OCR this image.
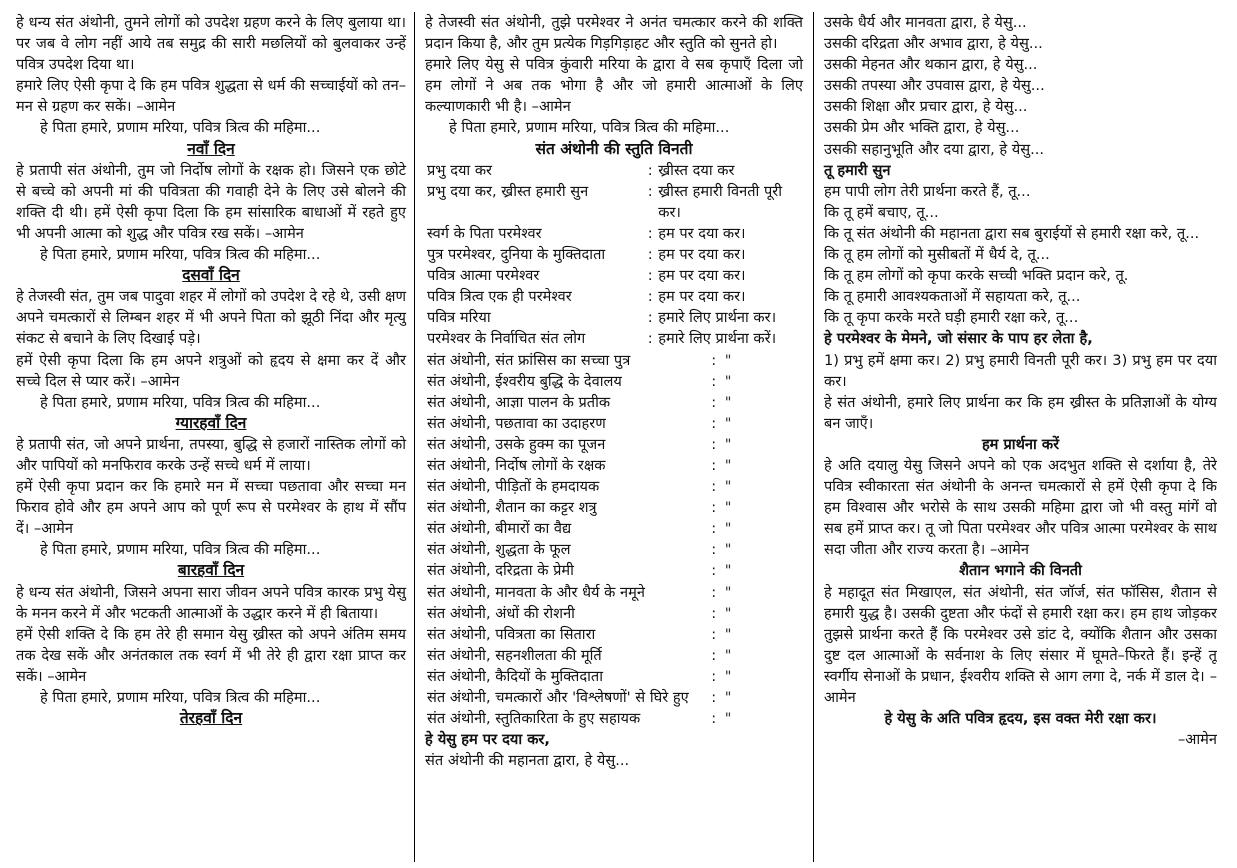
हे धन्य संत अंथोनी, तुमने लोगों को उपदेश ग्रहण करने के लिए बुलाया था। पर जब वे लोग नहीं आये तब समुद्र की सारी मछलियों को बुलवाकर उन्हें पवित्र उपदेश दिया था।

हमारे लिए ऐसी कृपा दे कि हम पवित्र शुद्धता से धर्म की सच्चाईयों को तन–मन से ग्रहण कर सकें। –आमेन

हे पिता हमारे, प्रणाम मरिया, पवित्र त्रित्व की महिमा...

नवाँ दिन

हे प्रतापी संत अंथोनी, तुम जो निर्दोष लोगों के रक्षक हो। जिसने एक छोटे से बच्चे को अपनी मां की पवित्रता की गवाही देने के लिए उसे बोलने की शक्ति दी थी। हमें ऐसी कृपा दिला कि हम सांसारिक बाधाओं में रहते हुए भी अपनी आत्मा को शुद्ध और पवित्र रख सकें। –आमेन

हे पिता हमारे, प्रणाम मरिया, पवित्र त्रित्व की महिमा...

दसवाँ दिन

हे तेजस्वी संत, तुम जब पादुवा शहर में लोगों को उपदेश दे रहे थे, उसी क्षण अपने चमत्कारों से लिम्बन शहर में भी अपने पिता को झूठी निंदा और मृत्यु संकट से बचाने के लिए दिखाई पड़े।

हमें ऐसी कृपा दिला कि हम अपने शत्रुओं को हृदय से क्षमा कर दें और सच्चे दिल से प्यार करें। –आमेन

हे पिता हमारे, प्रणाम मरिया, पवित्र त्रित्व की महिमा...

ग्यारहवाँ दिन

हे प्रतापी संत, जो अपने प्रार्थना, तपस्या, बुद्धि से हजारों नास्तिक लोगों को और पापियों को मनफिराव करके उन्हें सच्चे धर्म में लाया।

हमें ऐसी कृपा प्रदान कर कि हमारे मन में सच्चा पछतावा और सच्चा मन फिराव होवे और हम अपने आप को पूर्ण रूप से परमेश्वर के हाथ में सौंप दें। –आमेन

हे पिता हमारे, प्रणाम मरिया, पवित्र त्रित्व की महिमा...

बारहवाँ दिन

हे धन्य संत अंथोनी, जिसने अपना सारा जीवन अपने पवित्र कारक प्रभु येसु के मनन करने में और भटकती आत्माओं के उद्धार करने में ही बिताया।

हमें ऐसी शक्ति दे कि हम तेरे ही समान येसु ख्रीस्त को अपने अंतिम समय तक देख सकें और अनंतकाल तक स्वर्ग में भी तेरे ही द्वारा रक्षा प्राप्त कर सकें। –आमेन

हे पिता हमारे, प्रणाम मरिया, पवित्र त्रित्व की महिमा...

तेरहवाँ दिन

हे तेजस्वी संत अंथोनी, तुझे परमेश्वर ने अनंत चमत्कार करने की शक्ति प्रदान किया है, और तुम प्रत्येक गिड़गिड़ाहट और स्तुति को सुनते हो।

हमारे लिए येसु से पवित्र कुंवारी मरिया के द्वारा वे सब कृपाएँ दिला जो हम लोगों ने अब तक भोगा है और जो हमारी आत्माओं के लिए कल्याणकारी भी है। –आमेन

हे पिता हमारे, प्रणाम मरिया, पवित्र त्रित्व की महिमा...

संत अंथोनी की स्तुति विनती

प्रभु दया कर	:	ख्रीस्त दया कर
प्रभु दया कर, ख्रीस्त हमारी सुन	:	ख्रीस्त हमारी विनती पूरी कर।
स्वर्ग के पिता परमेश्वर	:	हम पर दया कर।
पुत्र परमेश्वर, दुनिया के मुक्तिदाता	:	हम पर दया कर।
पवित्र आत्मा परमेश्वर	:	हम पर दया कर।
पवित्र त्रित्व एक ही परमेश्वर	:	हम पर दया कर।
पवित्र मरिया	:	हमारे लिए प्रार्थना कर।
परमेश्वर के निर्वाचित संत लोग	:	हमारे लिए प्रार्थना करें।
संत अंथोनी, संत फ्रांसिस का सच्चा पुत्र	:	"
संत अंथोनी, ईश्वरीय बुद्धि के देवालय	:	"
संत अंथोनी, आज्ञा पालन के प्रतीक	:	"
संत अंथोनी, पछतावा का उदाहरण	:	"
संत अंथोनी, उसके हुक्म का पूजन	:	"
संत अंथोनी, निर्दोष लोगों के रक्षक	:	"
संत अंथोनी, पीड़ितों के हमदायक	:	"
संत अंथोनी, शैतान का कट्टर शत्रु	:	"
संत अंथोनी, बीमारों का वैद्य	:	"
संत अंथोनी, शुद्धता के फूल	:	"
संत अंथोनी, दरिद्रता के प्रेमी	:	"
संत अंथोनी, मानवता के और धैर्य के नमूने	:	"
संत अंथोनी, अंधों की रोशनी	:	"
संत अंथोनी, पवित्रता का सितारा	:	"
संत अंथोनी, सहनशीलता की मूर्ति	:	"
संत अंथोनी, कैदियों के मुक्तिदाता	:	"
संत अंथोनी, चमत्कारों और 'विश्लेषणों' से घिरे हुए	:	"
संत अंथोनी, स्तुतिकारिता के हुए सहायक	:	"

हे येसु हम पर दया कर,

संत अंथोनी की महानता द्वारा, हे येसु...

उसके धैर्य और मानवता द्वारा, हे येसु...

उसकी दरिद्रता और अभाव द्वारा, हे येसु...

उसकी मेहनत और थकान द्वारा, हे येसु...

उसकी तपस्या और उपवास द्वारा, हे येसु...

उसकी शिक्षा और प्रचार द्वारा, हे येसु...

उसकी प्रेम और भक्ति द्वारा, हे येसु...

उसकी सहानुभूति और दया द्वारा, हे येसु...

तू हमारी सुन

हम पापी लोग तेरी प्रार्थना करते हैं, तू...

कि तू हमें बचाए, तू...

कि तू संत अंथोनी की महानता द्वारा सब बुराईयों से हमारी रक्षा करे, तू...

कि तू हम लोगों को मुसीबतों में धैर्य दे, तू...

कि तू हम लोगों को कृपा करके सच्ची भक्ति प्रदान करे, तू.

कि तू हमारी आवश्यकताओं में सहायता करे, तू...

कि तू कृपा करके मरते घड़ी हमारी रक्षा करे, तू...

हे परमेश्वर के मेमने, जो संसार के पाप हर लेता है,

1) प्रभु हमें क्षमा कर। 2) प्रभु हमारी विनती पूरी कर। 3) प्रभु हम पर दया कर।

हे संत अंथोनी, हमारे लिए प्रार्थना कर कि हम ख्रीस्त के प्रतिज्ञाओं के योग्य बन जाएँ।

हम प्रार्थना करें

हे अति दयालु येसु जिसने अपने को एक अदभुत शक्ति से दर्शाया है, तेरे पवित्र स्वीकारता संत अंथोनी के अनन्त चमत्कारों से हमें ऐसी कृपा दे कि हम विश्वास और भरोसे के साथ उसकी महिमा द्वारा जो भी वस्तु मांगें वो सब हमें प्राप्त कर। तू जो पिता परमेश्वर और पवित्र आत्मा परमेश्वर के साथ सदा जीता और राज्य करता है। –आमेन

शैतान भगाने की विनती

हे महादूत संत मिखाएल, संत अंथोनी, संत जॉर्ज, संत फॉसिस, शैतान से हमारी युद्ध है। उसकी दुष्टता और फंदों से हमारी रक्षा कर। हम हाथ जोड़कर तुझसे प्रार्थना करते हैं कि परमेश्वर उसे डांट दे, क्योंकि शैतान और उसका दुष्ट दल आत्माओं के सर्वनाश के लिए संसार में घूमते–फिरते हैं। इन्हें तू स्वर्गीय सेनाओं के प्रधान, ईश्वरीय शक्ति से आग लगा दे, नर्क में डाल दे। –आमेन

हे येसु के अति पवित्र हृदय, इस वक्त मेरी रक्षा कर।

–आमेन
